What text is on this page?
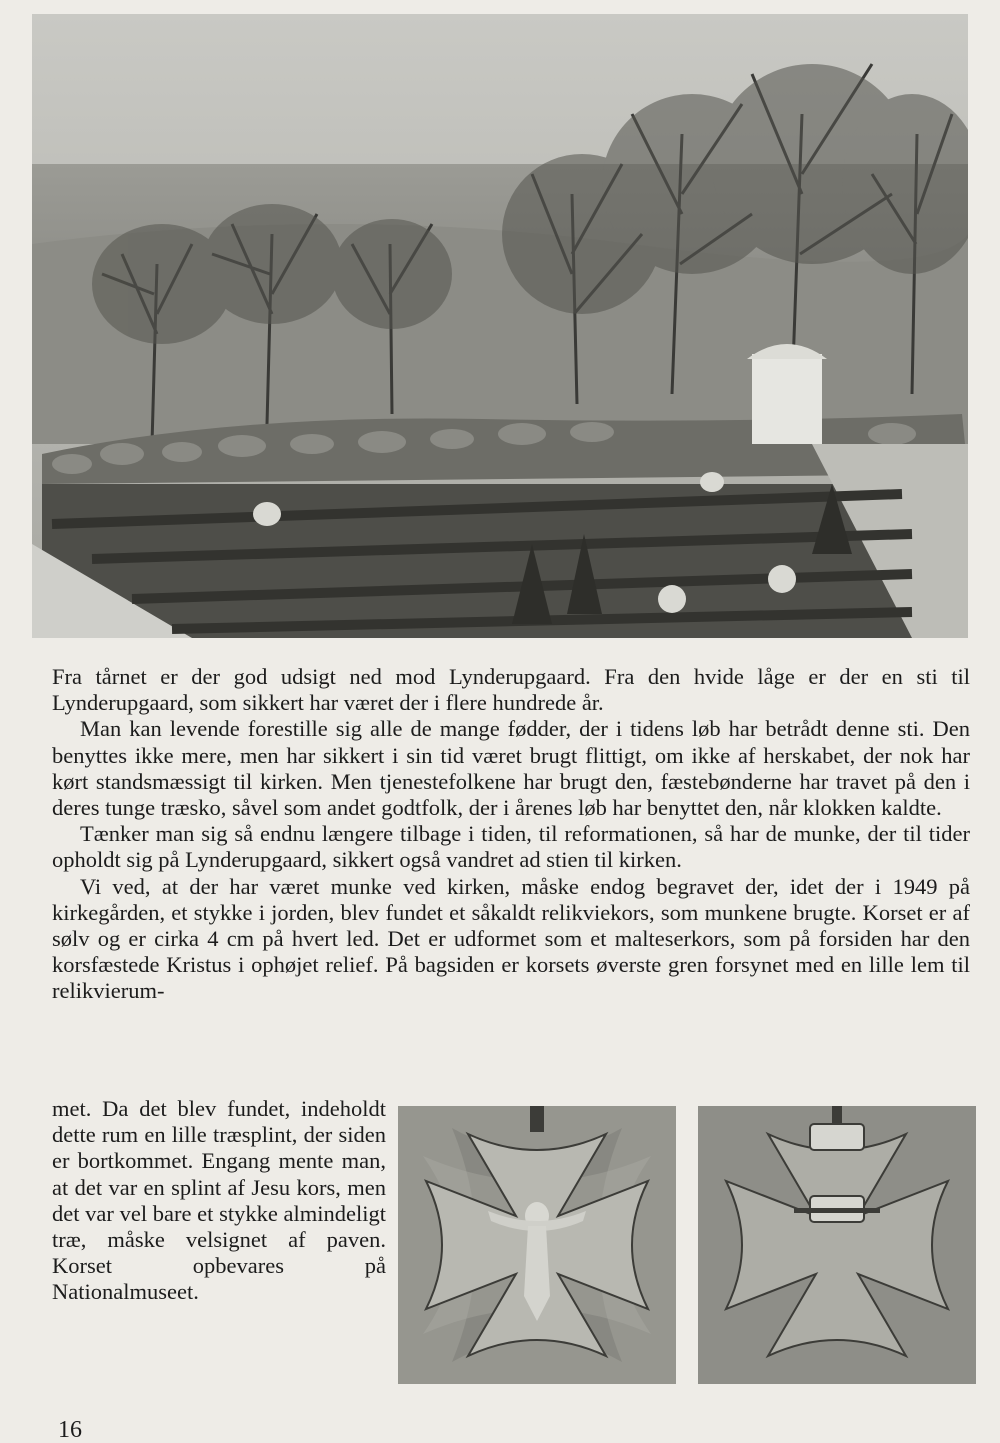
Fra tårnet er der god udsigt ned mod Lynderupgaard. Fra den hvide låge er der en sti til Lynderupgaard, som sikkert har været der i flere hundrede år.

Man kan levende forestille sig alle de mange fødder, der i tidens løb har betrådt denne sti. Den benyttes ikke mere, men har sikkert i sin tid været brugt flittigt, om ikke af herskabet, der nok har kørt standsmæssigt til kirken. Men tjenestefolkene har brugt den, fæstebønderne har travet på den i deres tunge træsko, såvel som andet godtfolk, der i årenes løb har benyttet den, når klokken kaldte.

Tænker man sig så endnu længere tilbage i tiden, til reformationen, så har de munke, der til tider opholdt sig på Lynderupgaard, sikkert også vandret ad stien til kirken.

Vi ved, at der har været munke ved kirken, måske endog begravet der, idet der i 1949 på kirkegården, et stykke i jorden, blev fundet et såkaldt relikviekors, som munkene brugte. Korset er af sølv og er cirka 4 cm på hvert led. Det er udformet som et malteserkors, som på forsiden har den korsfæstede Kristus i ophøjet relief. På bagsiden er korsets øverste gren forsynet med en lille lem til relikvierum-

met. Da det blev fundet, indeholdt dette rum en lille træsplint, der siden er bortkommet. Engang mente man, at det var en splint af Jesu kors, men det var vel bare et stykke almindeligt træ, måske velsignet af paven. Korset opbevares på Nationalmuseet.
16
